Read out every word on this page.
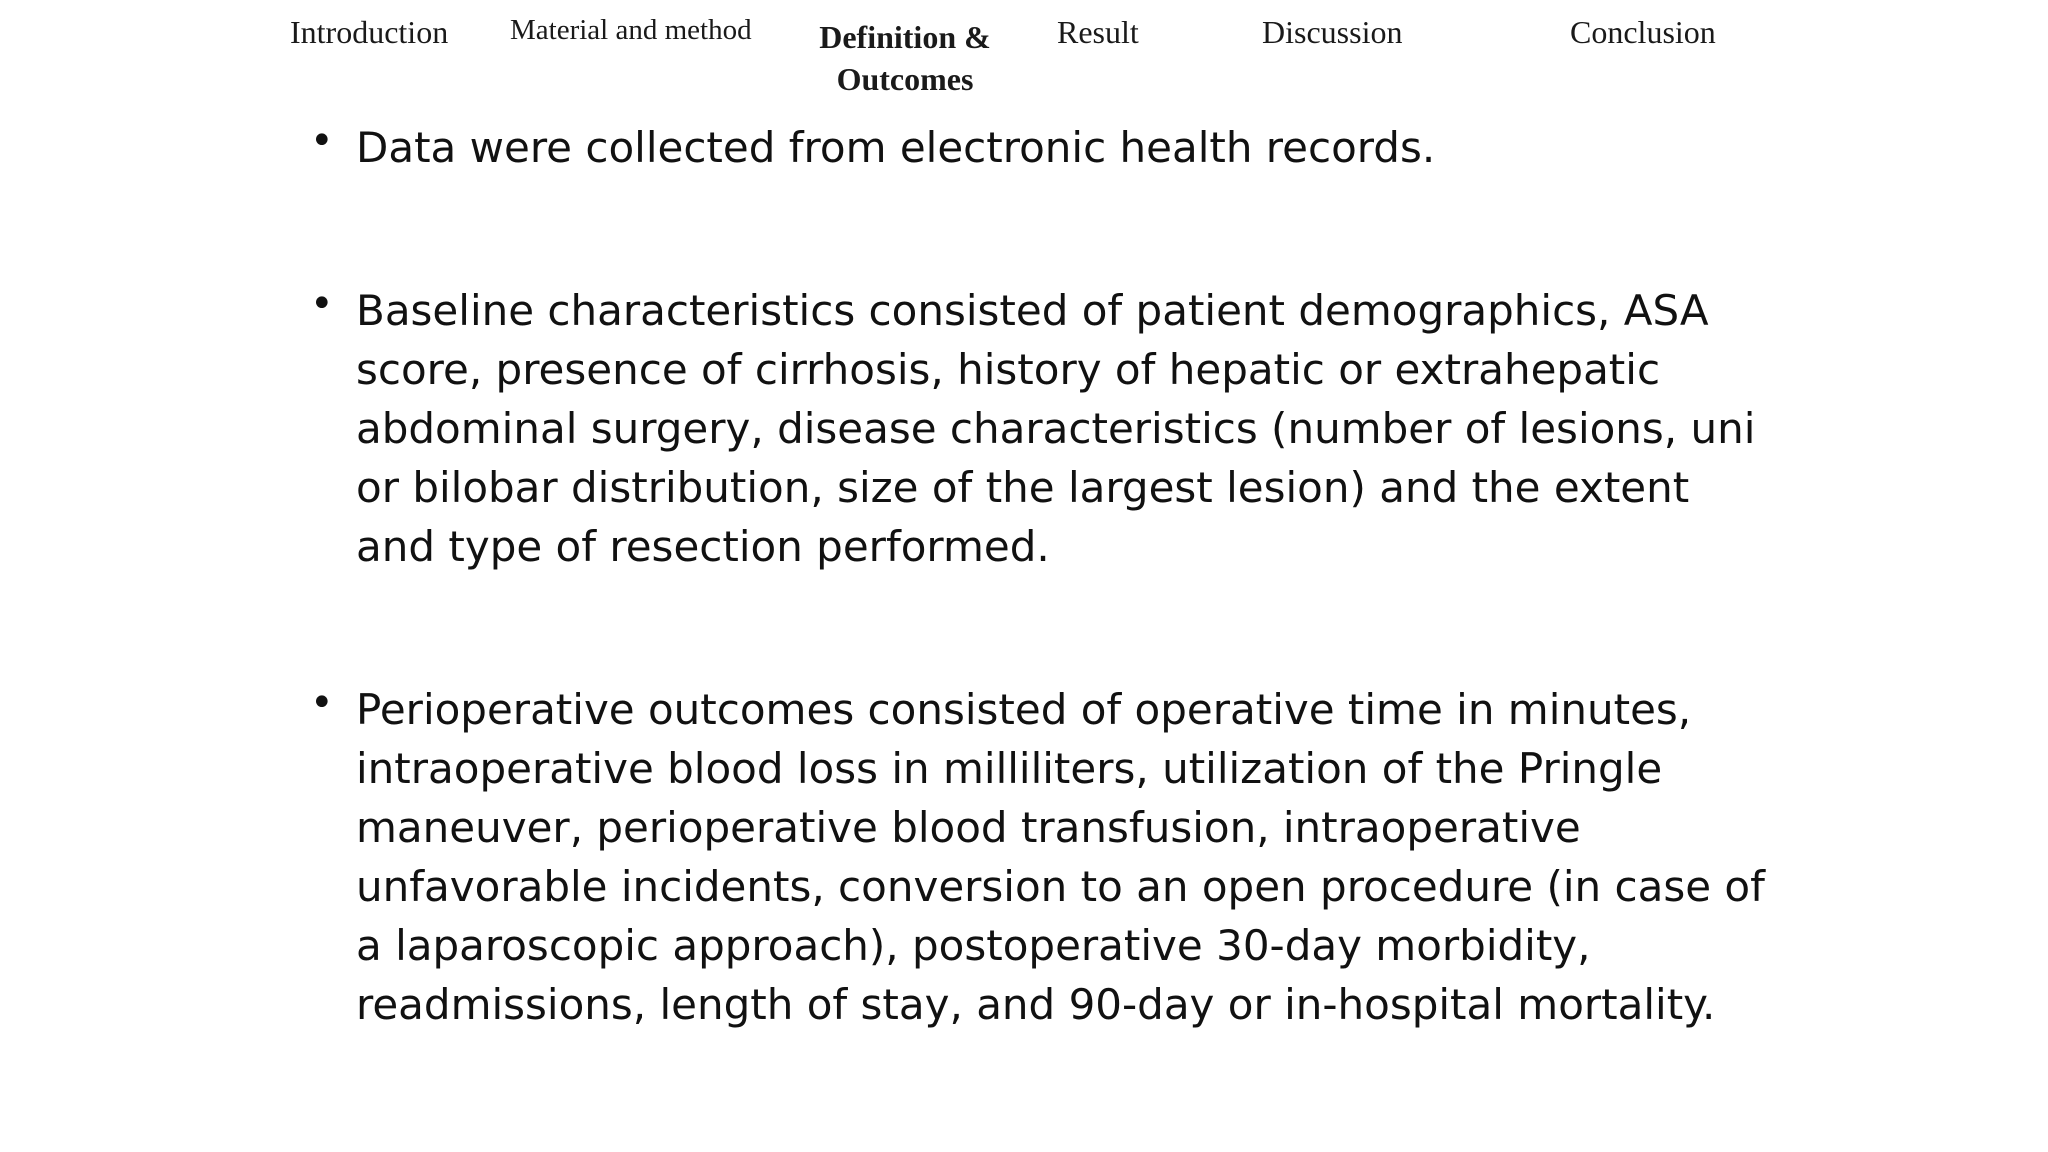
Introduction Material and method	Definition &
Outcomes
Result	Discussion	Conclusion

• Data were collected from electronic health records.

• Baseline characteristics consisted of patient demographics, ASA score, presence of cirrhosis, history of hepatic or extrahepatic abdominal surgery, disease characteristics (number of lesions, uni or bilobar distribution, size of the largest lesion) and the extent and type of resection performed.

• Perioperative outcomes consisted of operative time in minutes, intraoperative blood loss in milliliters, utilization of the Pringle maneuver, perioperative blood transfusion, intraoperative unfavorable incidents, conversion to an open procedure (in case of a laparoscopic approach), postoperative 30-day morbidity, readmissions, length of stay, and 90-day or in-hospital mortality.
